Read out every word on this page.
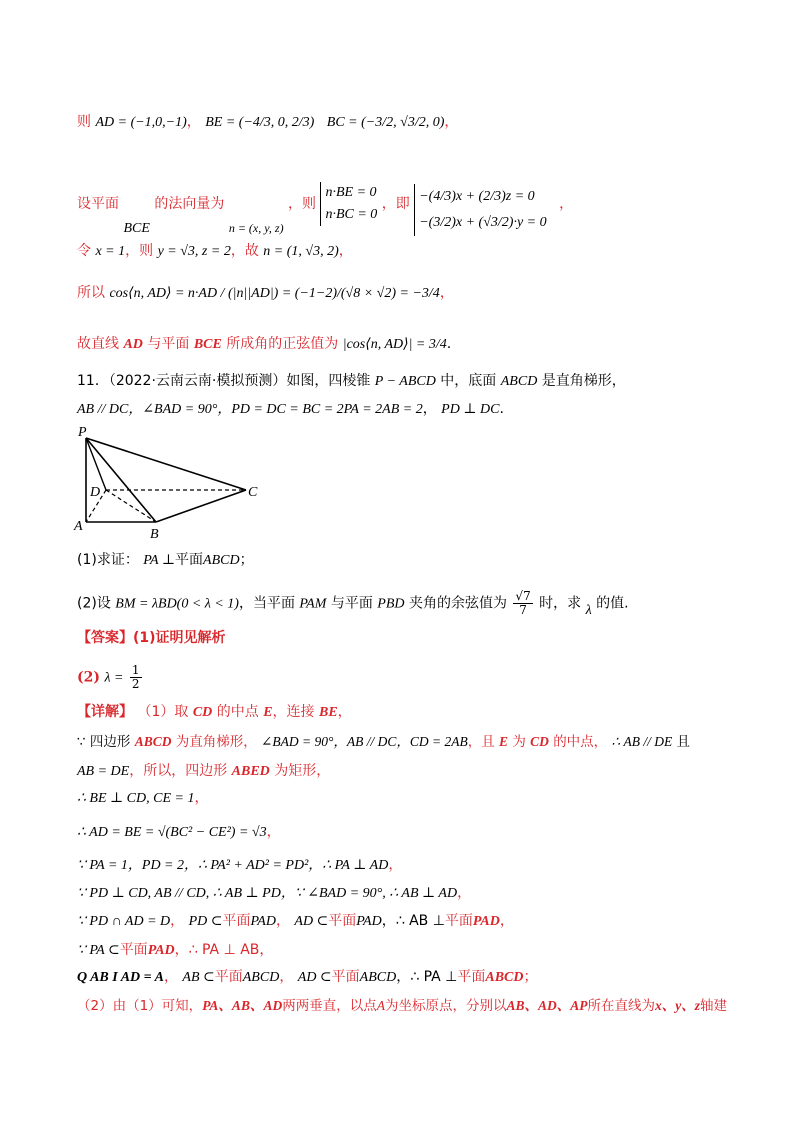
则 AD = (−1,0,−1)， BE = (−4/3, 0, 2/3) BC = (−3/2, √3/2, 0)，
设平面 BCE 的法向量为 n = (x, y, z) ，则
n·BE = 0
n·BC = 0
，即 −(4/3)x + (2/3)z = 0
−(3/2)x + (√3/2)·y = 0
，
令 x = 1，则 y = √3, z = 2，故 n = (1, √3, 2)，
所以 cos⟨n, AD⟩ = n·AD / (|n||AD|) = (−1−2)/(√8 × √2) = −3/4，
故直线 AD 与平面 BCE 所成角的正弦值为 |cos⟨n, AD⟩| = 3/4.
11．（2022·云南云南·模拟预测）如图，四棱锥 P − ABCD 中，底面 ABCD 是直角梯形，
AB // DC，∠BAD = 90°，PD = DC = BC = 2PA = 2AB = 2， PD ⊥ DC.
P
D	C
A
B
(1)求证： PA ⊥平面ABCD；
(2)设 BM = λBD(0 < λ < 1)，当平面 PAM 与平面 PBD 夹角的余弦值为 $\frac{√7}{7}$ 时，求 λ 的值.
【答案】(1)证明见解析
(2) $\lambda = \frac{1}{2}$
【详解】 （1）取 CD 的中点 E，连接 BE，
∵ 四边形 ABCD 为直角梯形， ∠BAD = 90°，AB // DC，CD = 2AB，且 E 为 CD 的中点， ∴ AB // DE 且
AB = DE，所以，四边形 ABED 为矩形，
∴ BE ⊥ CD, CE = 1，
∴ AD = BE = √(BC² − CE²) = √3，
∵ PA = 1，PD = 2，∴ PA² + AD² = PD²，∴ PA ⊥ AD，
∵ PD ⊥ CD, AB // CD, ∴ AB ⊥ PD，∵ ∠BAD = 90°, ∴ AB ⊥ AD，
∵ PD ∩ AD = D， PD ⊂平面PAD， AD ⊂平面PAD，∴ AB ⊥平面PAD，
∵ PA ⊂平面PAD，∴ PA ⊥ AB，
Q AB I AD = A， AB ⊂平面ABCD， AD ⊂平面ABCD，∴ PA ⊥平面ABCD；
（2）由（1）可知，PA、AB、AD两两垂直，以点A为坐标原点，分别以AB、AD、AP所在直线为x、y、z轴建
